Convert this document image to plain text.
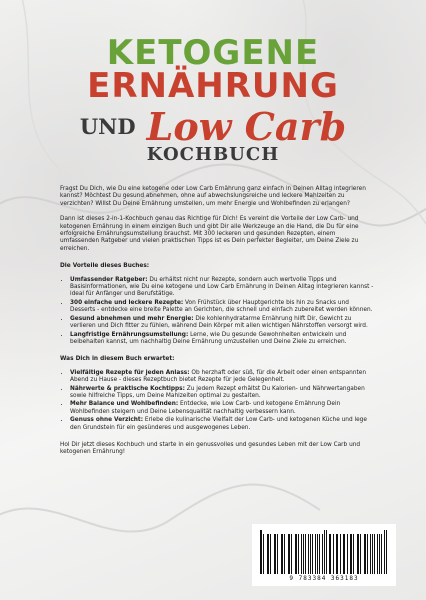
KETOGENE
ERNÄHRUNG
UND Low Carb
KOCHBUCH

Fragst Du Dich, wie Du eine ketogene oder Low Carb Ernährung ganz einfach in Deinen Alltag integrieren kannst? Möchtest Du gesund abnehmen, ohne auf abwechslungsreiche und leckere Mahlzeiten zu verzichten? Willst Du Deine Ernährung umstellen, um mehr Energie und Wohlbefinden zu erlangen?

Dann ist dieses 2-in-1-Kochbuch genau das Richtige für Dich! Es vereint die Vorteile der Low Carb- und ketogenen Ernährung in einem einzigen Buch und gibt Dir alle Werkzeuge an die Hand, die Du für eine erfolgreiche Ernährungsumstellung brauchst. Mit 300 leckeren und gesunden Rezepten, einem umfassenden Ratgeber und vielen praktischen Tipps ist es Dein perfekter Begleiter, um Deine Ziele zu erreichen.

Die Vorteile dieses Buches:
• Umfassender Ratgeber: Du erhältst nicht nur Rezepte, sondern auch wertvolle Tipps und Basisinformationen, wie Du eine ketogene und Low Carb Ernährung in Deinen Alltag integrieren kannst - ideal für Anfänger und Berufstätige.
• 300 einfache und leckere Rezepte: Von Frühstück über Hauptgerichte bis hin zu Snacks und Desserts - entdecke eine breite Palette an Gerichten, die schnell und einfach zubereitet werden können.
• Gesund abnehmen und mehr Energie: Die kohlenhydratarme Ernährung hilft Dir, Gewicht zu verlieren und Dich fitter zu fühlen, während Dein Körper mit allen wichtigen Nährstoffen versorgt wird.
• Langfristige Ernährungsumstellung: Lerne, wie Du gesunde Gewohnheiten entwickeln und beibehalten kannst, um nachhaltig Deine Ernährung umzustellen und Deine Ziele zu erreichen.
Was Dich in diesem Buch erwartet:
• Vielfältige Rezepte für jeden Anlass: Ob herzhaft oder süß, für die Arbeit oder einen entspannten Abend zu Hause - dieses Rezeptbuch bietet Rezepte für jede Gelegenheit.
• Nährwerte & praktische Kochtipps: Zu jedem Rezept erhältst Du Kalorien- und Nährwertangaben sowie hilfreiche Tipps, um Deine Mahlzeiten optimal zu gestalten.
• Mehr Balance und Wohlbefinden: Entdecke, wie Low Carb- und ketogene Ernährung Dein Wohlbefinden steigern und Deine Lebensqualität nachhaltig verbessern kann.
• Genuss ohne Verzicht: Erlebe die kulinarische Vielfalt der Low Carb- und ketogenen Küche und lege den Grundstein für ein gesünderes und ausgewogenes Leben.

Hol Dir jetzt dieses Kochbuch und starte in ein genussvolles und gesundes Leben mit der Low Carb und ketogenen Ernährung!

9 783384 363183
